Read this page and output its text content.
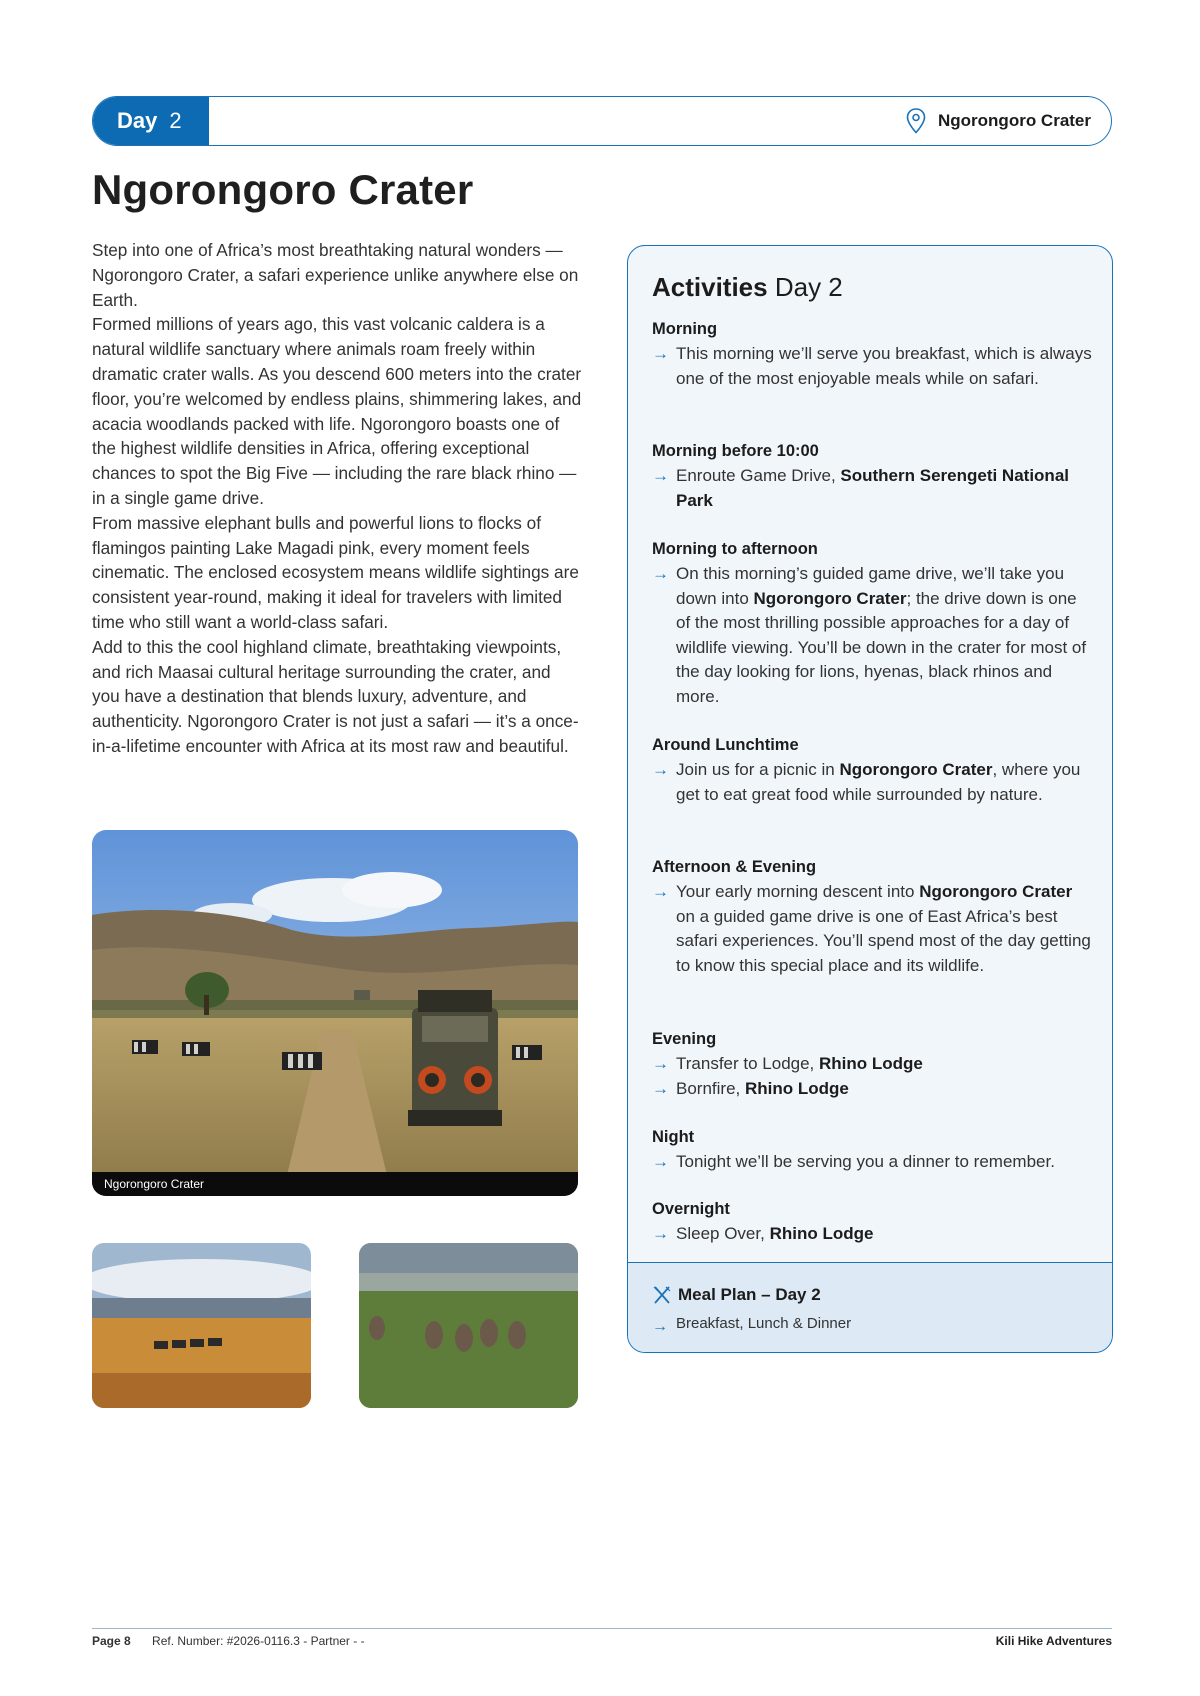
Day 2	Ngorongoro Crater
Ngorongoro Crater

Step into one of Africa’s most breathtaking natural wonders — Ngorongoro Crater, a safari experience unlike anywhere else on Earth.

Formed millions of years ago, this vast volcanic caldera is a natural wildlife sanctuary where animals roam freely within dramatic crater walls. As you descend 600 meters into the crater floor, you’re welcomed by endless plains, shimmering lakes, and acacia woodlands packed with life. Ngorongoro boasts one of the highest wildlife densities in Africa, offering exceptional chances to spot the Big Five — including the rare black rhino — in a single game drive.

From massive elephant bulls and powerful lions to flocks of flamingos painting Lake Magadi pink, every moment feels cinematic. The enclosed ecosystem means wildlife sightings are consistent year-round, making it ideal for travelers with limited time who still want a world-class safari.

Add to this the cool highland climate, breathtaking viewpoints, and rich Maasai cultural heritage surrounding the crater, and you have a destination that blends luxury, adventure, and authenticity. Ngorongoro Crater is not just a safari — it’s a once-in-a-lifetime encounter with Africa at its most raw and beautiful.

Ngorongoro Crater
Activities Day 2
Morning
→ This morning we’ll serve you breakfast, which is always one of the most enjoyable meals while on safari.
Morning before 10:00
→ Enroute Game Drive, Southern Serengeti National Park
Morning to afternoon
→ On this morning’s guided game drive, we’ll take you down into Ngorongoro Crater; the drive down is one of the most thrilling possible approaches for a day of wildlife viewing. You’ll be down in the crater for most of the day looking for lions, hyenas, black rhinos and more.
Around Lunchtime
→ Join us for a picnic in Ngorongoro Crater, where you get to eat great food while surrounded by nature.
Afternoon & Evening
→ Your early morning descent into Ngorongoro Crater on a guided game drive is one of East Africa’s best safari experiences. You’ll spend most of the day getting to know this special place and its wildlife.
Evening
→ Transfer to Lodge, Rhino Lodge
→ Bornfire, Rhino Lodge
Night
→ Tonight we’ll be serving you a dinner to remember.
Overnight
→ Sleep Over, Rhino Lodge
Meal Plan – Day 2
→ Breakfast, Lunch & Dinner
Page 8 Ref. Number: #2026-0116.3 - Partner - -	Kili Hike Adventures
